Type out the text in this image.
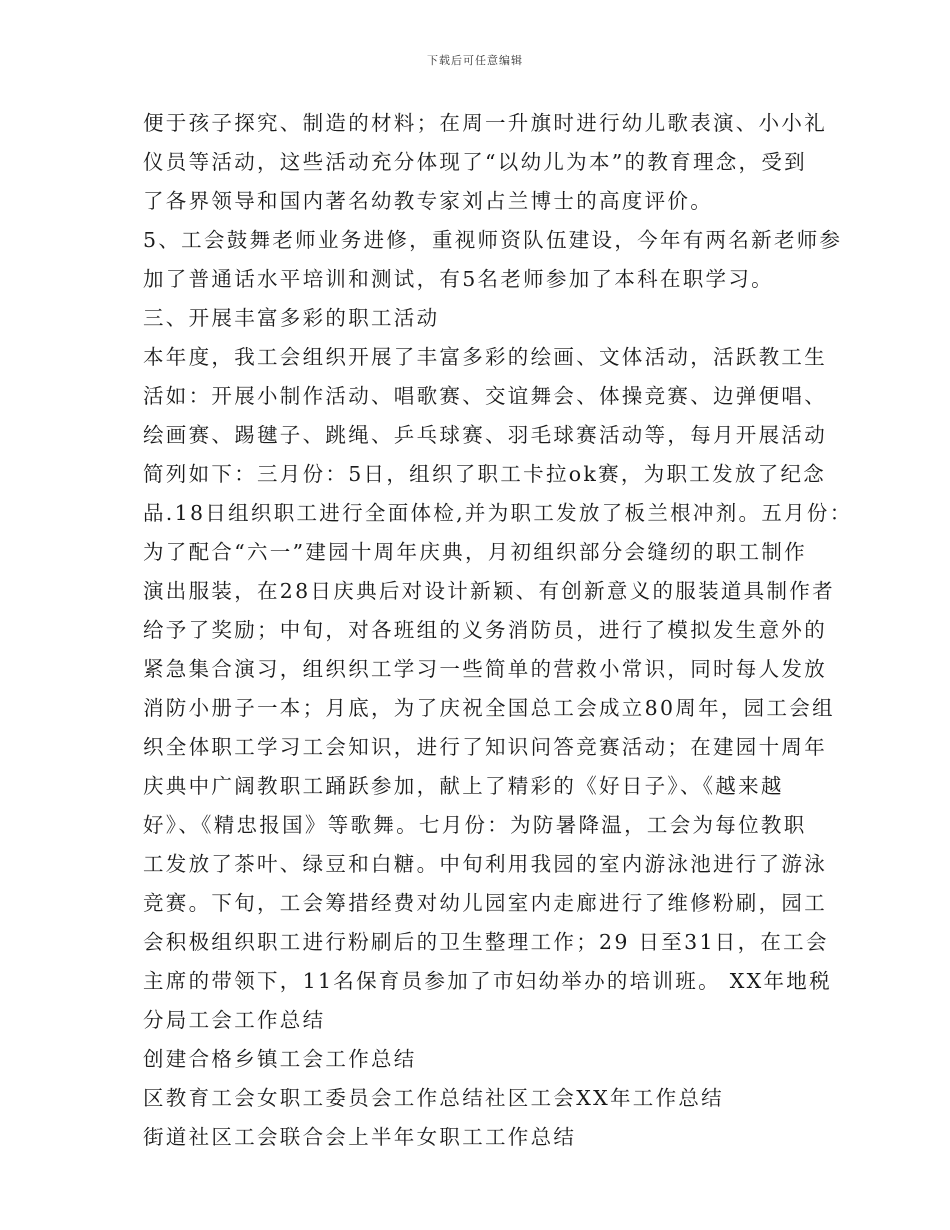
下载后可任意编辑
便于孩子探究、制造的材料；在周一升旗时进行幼儿歌表演、小小礼
仪员等活动，这些活动充分体现了“以幼儿为本”的教育理念，受到
了各界领导和国内著名幼教专家刘占兰博士的高度评价。
5、工会鼓舞老师业务进修，重视师资队伍建设，今年有两名新老师参
加了普通话水平培训和测试，有5名老师参加了本科在职学习。
三、开展丰富多彩的职工活动
本年度，我工会组织开展了丰富多彩的绘画、文体活动，活跃教工生
活如：开展小制作活动、唱歌赛、交谊舞会、体操竞赛、边弹便唱、
绘画赛、踢毽子、跳绳、乒乓球赛、羽毛球赛活动等，每月开展活动
简列如下：三月份：5日，组织了职工卡拉ok赛，为职工发放了纪念
品.18日组织职工进行全面体检,并为职工发放了板兰根冲剂。五月份：
为了配合“六一”建园十周年庆典，月初组织部分会缝纫的职工制作
演出服装，在28日庆典后对设计新颖、有创新意义的服装道具制作者
给予了奖励；中旬，对各班组的义务消防员，进行了模拟发生意外的
紧急集合演习，组织织工学习一些简单的营救小常识，同时每人发放
消防小册子一本；月底，为了庆祝全国总工会成立80周年，园工会组
织全体职工学习工会知识，进行了知识问答竞赛活动；在建园十周年
庆典中广阔教职工踊跃参加，献上了精彩的《好日子》、《越来越
好》、《精忠报国》等歌舞。七月份：为防暑降温，工会为每位教职
工发放了茶叶、绿豆和白糖。中旬利用我园的室内游泳池进行了游泳
竞赛。下旬，工会筹措经费对幼儿园室内走廊进行了维修粉刷，园工
会积极组织职工进行粉刷后的卫生整理工作；29 日至31日，在工会
主席的带领下，11名保育员参加了市妇幼举办的培训班。 XX年地税
分局工会工作总结
创建合格乡镇工会工作总结
区教育工会女职工委员会工作总结社区工会XX年工作总结
街道社区工会联合会上半年女职工工作总结
